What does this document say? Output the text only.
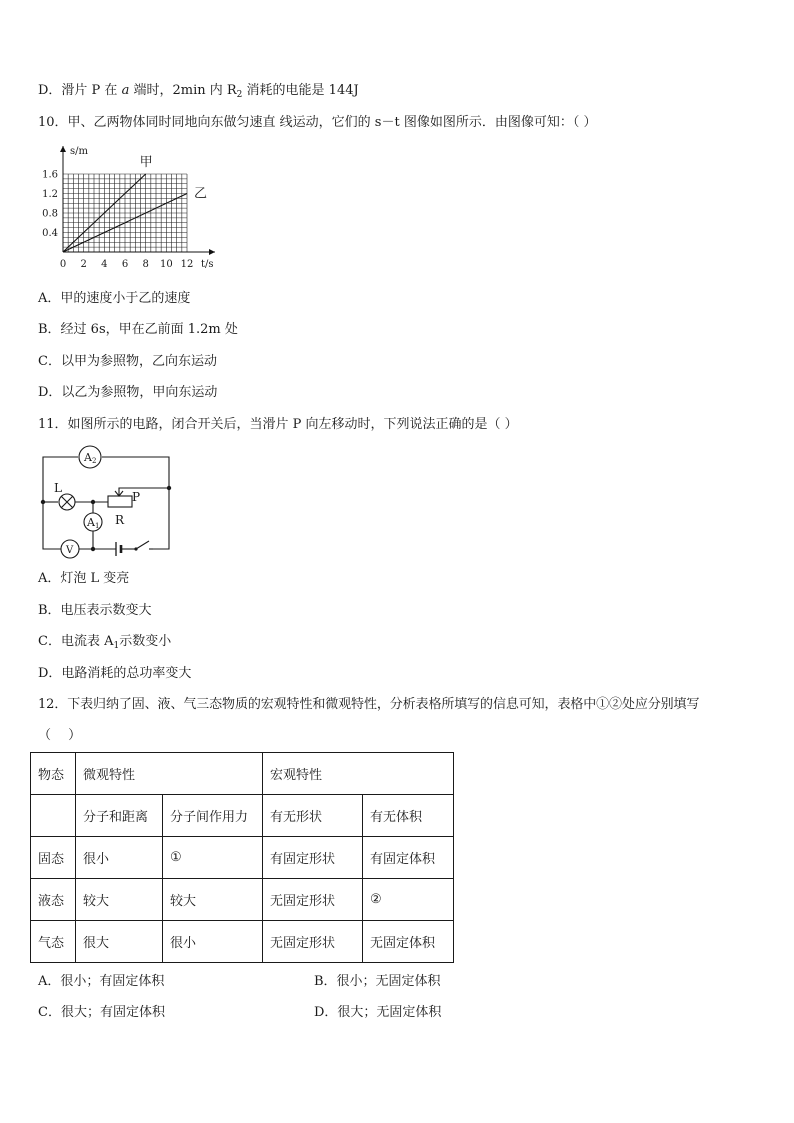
D．滑片 P 在 a 端时，2min 内 $R_2$ 消耗的电能是 144J
10．甲、乙两物体同时同地向东做匀速直 线运动，它们的 s－t 图像如图所示．由图像可知：（ ）
0 2 4 6 8 10 12
0.4
0.8
1.2
1.6
s/m
t/s
甲
乙
A．甲的速度小于乙的速度
B．经过 6s，甲在乙前面 1.2m 处
C．以甲为参照物，乙向东运动
D．以乙为参照物，甲向东运动
11．如图所示的电路，闭合开关后，当滑片 P 向左移动时，下列说法正确的是（ ）
A2
A1
L
P
R
V
A．灯泡 L 变亮
B．电压表示数变大
C．电流表 $A_1$示数变小
D．电路消耗的总功率变大
12．下表归纳了固、液、气三态物质的宏观特性和微观特性，分析表格所填写的信息可知，表格中①②处应分别填写
（　 ）
物态	微观特性		宏观特性	
	分子和距离	分子间作用力	有无形状	有无体积
固态	很小	①	有固定形状	有固定体积
液态	较大	较大	无固定形状	②
气态	很大	很小	无固定形状	无固定体积
A．很小；有固定体积	B．很小；无固定体积
C．很大；有固定体积	D．很大；无固定体积
